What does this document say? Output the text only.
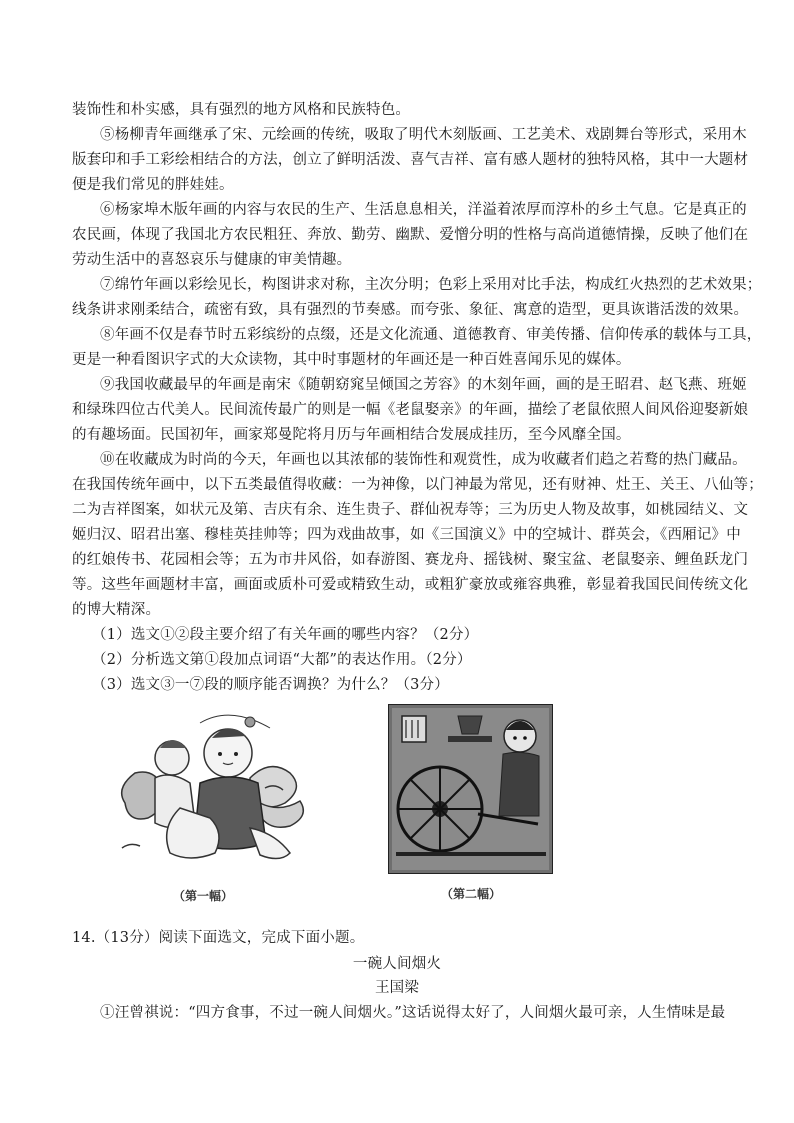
装饰性和朴实感，具有强烈的地方风格和民族特色。
⑤杨柳青年画继承了宋、元绘画的传统，吸取了明代木刻版画、工艺美术、戏剧舞台等形式，采用木
版套印和手工彩绘相结合的方法，创立了鲜明活泼、喜气吉祥、富有感人题材的独特风格，其中一大题材
便是我们常见的胖娃娃。
⑥杨家埠木版年画的内容与农民的生产、生活息息相关，洋溢着浓厚而淳朴的乡土气息。它是真正的
农民画，体现了我国北方农民粗狂、奔放、勤劳、幽默、爱憎分明的性格与高尚道德情操，反映了他们在
劳动生活中的喜怒哀乐与健康的审美情趣。
⑦绵竹年画以彩绘见长，构图讲求对称，主次分明；色彩上采用对比手法，构成红火热烈的艺术效果；
线条讲求刚柔结合，疏密有致，具有强烈的节奏感。而夸张、象征、寓意的造型，更具诙谐活泼的效果。
⑧年画不仅是春节时五彩缤纷的点缀，还是文化流通、道德教育、审美传播、信仰传承的载体与工具，
更是一种看图识字式的大众读物，其中时事题材的年画还是一种百姓喜闻乐见的媒体。
⑨我国收藏最早的年画是南宋《随朝窈窕呈倾国之芳容》的木刻年画，画的是王昭君、赵飞燕、班姬
和绿珠四位古代美人。民间流传最广的则是一幅《老鼠娶亲》的年画，描绘了老鼠依照人间风俗迎娶新娘
的有趣场面。民国初年，画家郑曼陀将月历与年画相结合发展成挂历，至今风靡全国。
⑩在收藏成为时尚的今天，年画也以其浓郁的装饰性和观赏性，成为收藏者们趋之若鹜的热门藏品。
在我国传统年画中，以下五类最值得收藏：一为神像，以门神最为常见，还有财神、灶王、关王、八仙等；
二为吉祥图案，如状元及第、吉庆有余、连生贵子、群仙祝寿等；三为历史人物及故事，如桃园结义、文
姬归汉、昭君出塞、穆桂英挂帅等；四为戏曲故事，如《三国演义》中的空城计、群英会，《西厢记》中
的红娘传书、花园相会等；五为市井风俗，如春游图、赛龙舟、摇钱树、聚宝盆、老鼠娶亲、鲤鱼跃龙门
等。这些年画题材丰富，画面或质朴可爱或精致生动，或粗犷豪放或雍容典雅，彰显着我国民间传统文化
的博大精深。
（1）选文①②段主要介绍了有关年画的哪些内容？（2分）
（2）分析选文第①段加点词语“大都”的表达作用。（2分）
（3）选文③一⑦段的顺序能否调换？为什么？（3分）
（第一幅）	（第二幅）
14.（13分）阅读下面选文，完成下面小题。
一碗人间烟火
王国梁
①汪曾祺说：“四方食事，不过一碗人间烟火。”这话说得太好了，人间烟火最可亲，人生情味是最
